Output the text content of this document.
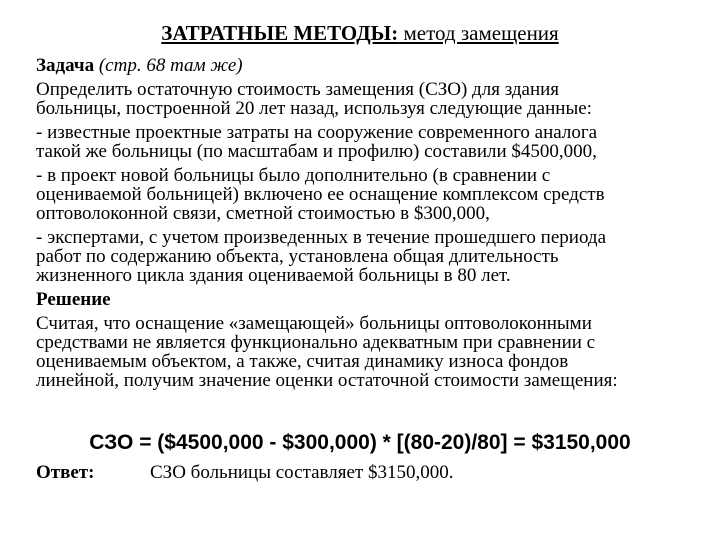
ЗАТРАТНЫЕ МЕТОДЫ: метод замещения

Задача (стр. 68 там же)

Определить остаточную стоимость замещения (СЗО) для здания
больницы, построенной 20 лет назад, используя следующие данные:

- известные проектные затраты на сооружение современного аналога
такой же больницы (по масштабам и профилю) составили $4500,000,

- в проект новой больницы было дополнительно (в сравнении с
оцениваемой больницей) включено ее оснащение комплексом средств
оптоволоконной связи, сметной стоимостью в $300,000,

- экспертами, с учетом произведенных в течение прошедшего периода
работ по содержанию объекта, установлена общая длительность
жизненного цикла здания оцениваемой больницы в 80 лет.

Решение

Считая, что оснащение «замещающей» больницы оптоволоконными
средствами не является функционально адекватным при сравнении с
оцениваемым объектом, а также, считая динамику износа фондов
линейной, получим значение оценки остаточной стоимости замещения:

СЗО = ($4500,000 - $300,000) * [(80-20)/80] = $3150,000
Ответ:	СЗО больницы составляет $3150,000.
